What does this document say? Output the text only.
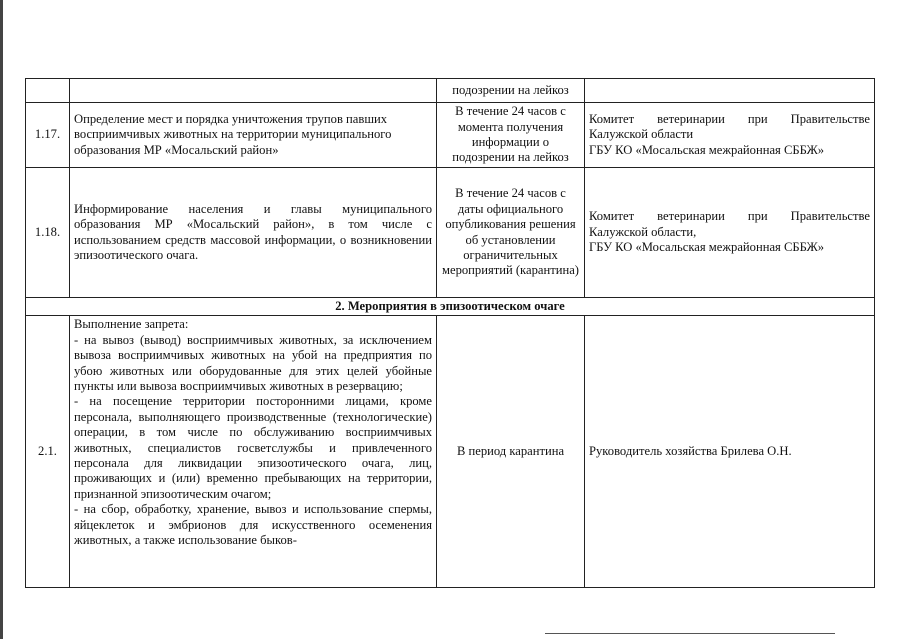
		подозрении на лейкоз	
1.17.	Определение мест и порядка уничтожения трупов павших восприимчивых животных на территории муниципального образования МР «Мосальский район»	В течение 24 часов с момента получения информации о подозрении на лейкоз	Комитет ветеринарии при Правительстве Калужской области
ГБУ КО «Мосальская межрайонная СББЖ»
1.18.	Информирование населения и главы муниципального образования МР «Мосальский район», в том числе с использованием средств массовой информации, о возникновении эпизоотического очага.	В течение 24 часов с даты официального опубликования решения об установлении ограничительных мероприятий (карантина)	Комитет ветеринарии при Правительстве Калужской области,
ГБУ КО «Мосальская межрайонная СББЖ»
2. Мероприятия в эпизоотическом очаге			
2.1.	Выполнение запрета:
- на вывоз (вывод) восприимчивых животных, за исключением вывоза восприимчивых животных на убой на предприятия по убою животных или оборудованные для этих целей убойные пункты или вывоза восприимчивых животных в резервацию;
- на посещение территории посторонними лицами, кроме персонала, выполняющего производственные (технологические) операции, в том числе по обслуживанию восприимчивых животных, специалистов госветслужбы и привлеченного персонала для ликвидации эпизоотического очага, лиц, проживающих и (или) временно пребывающих на территории, признанной эпизоотическим очагом;
- на сбор, обработку, хранение, вывоз и использование спермы, яйцеклеток и эмбрионов для искусственного осеменения животных, а также использование быков-	В период карантина	Руководитель хозяйства Брилева О.Н.
